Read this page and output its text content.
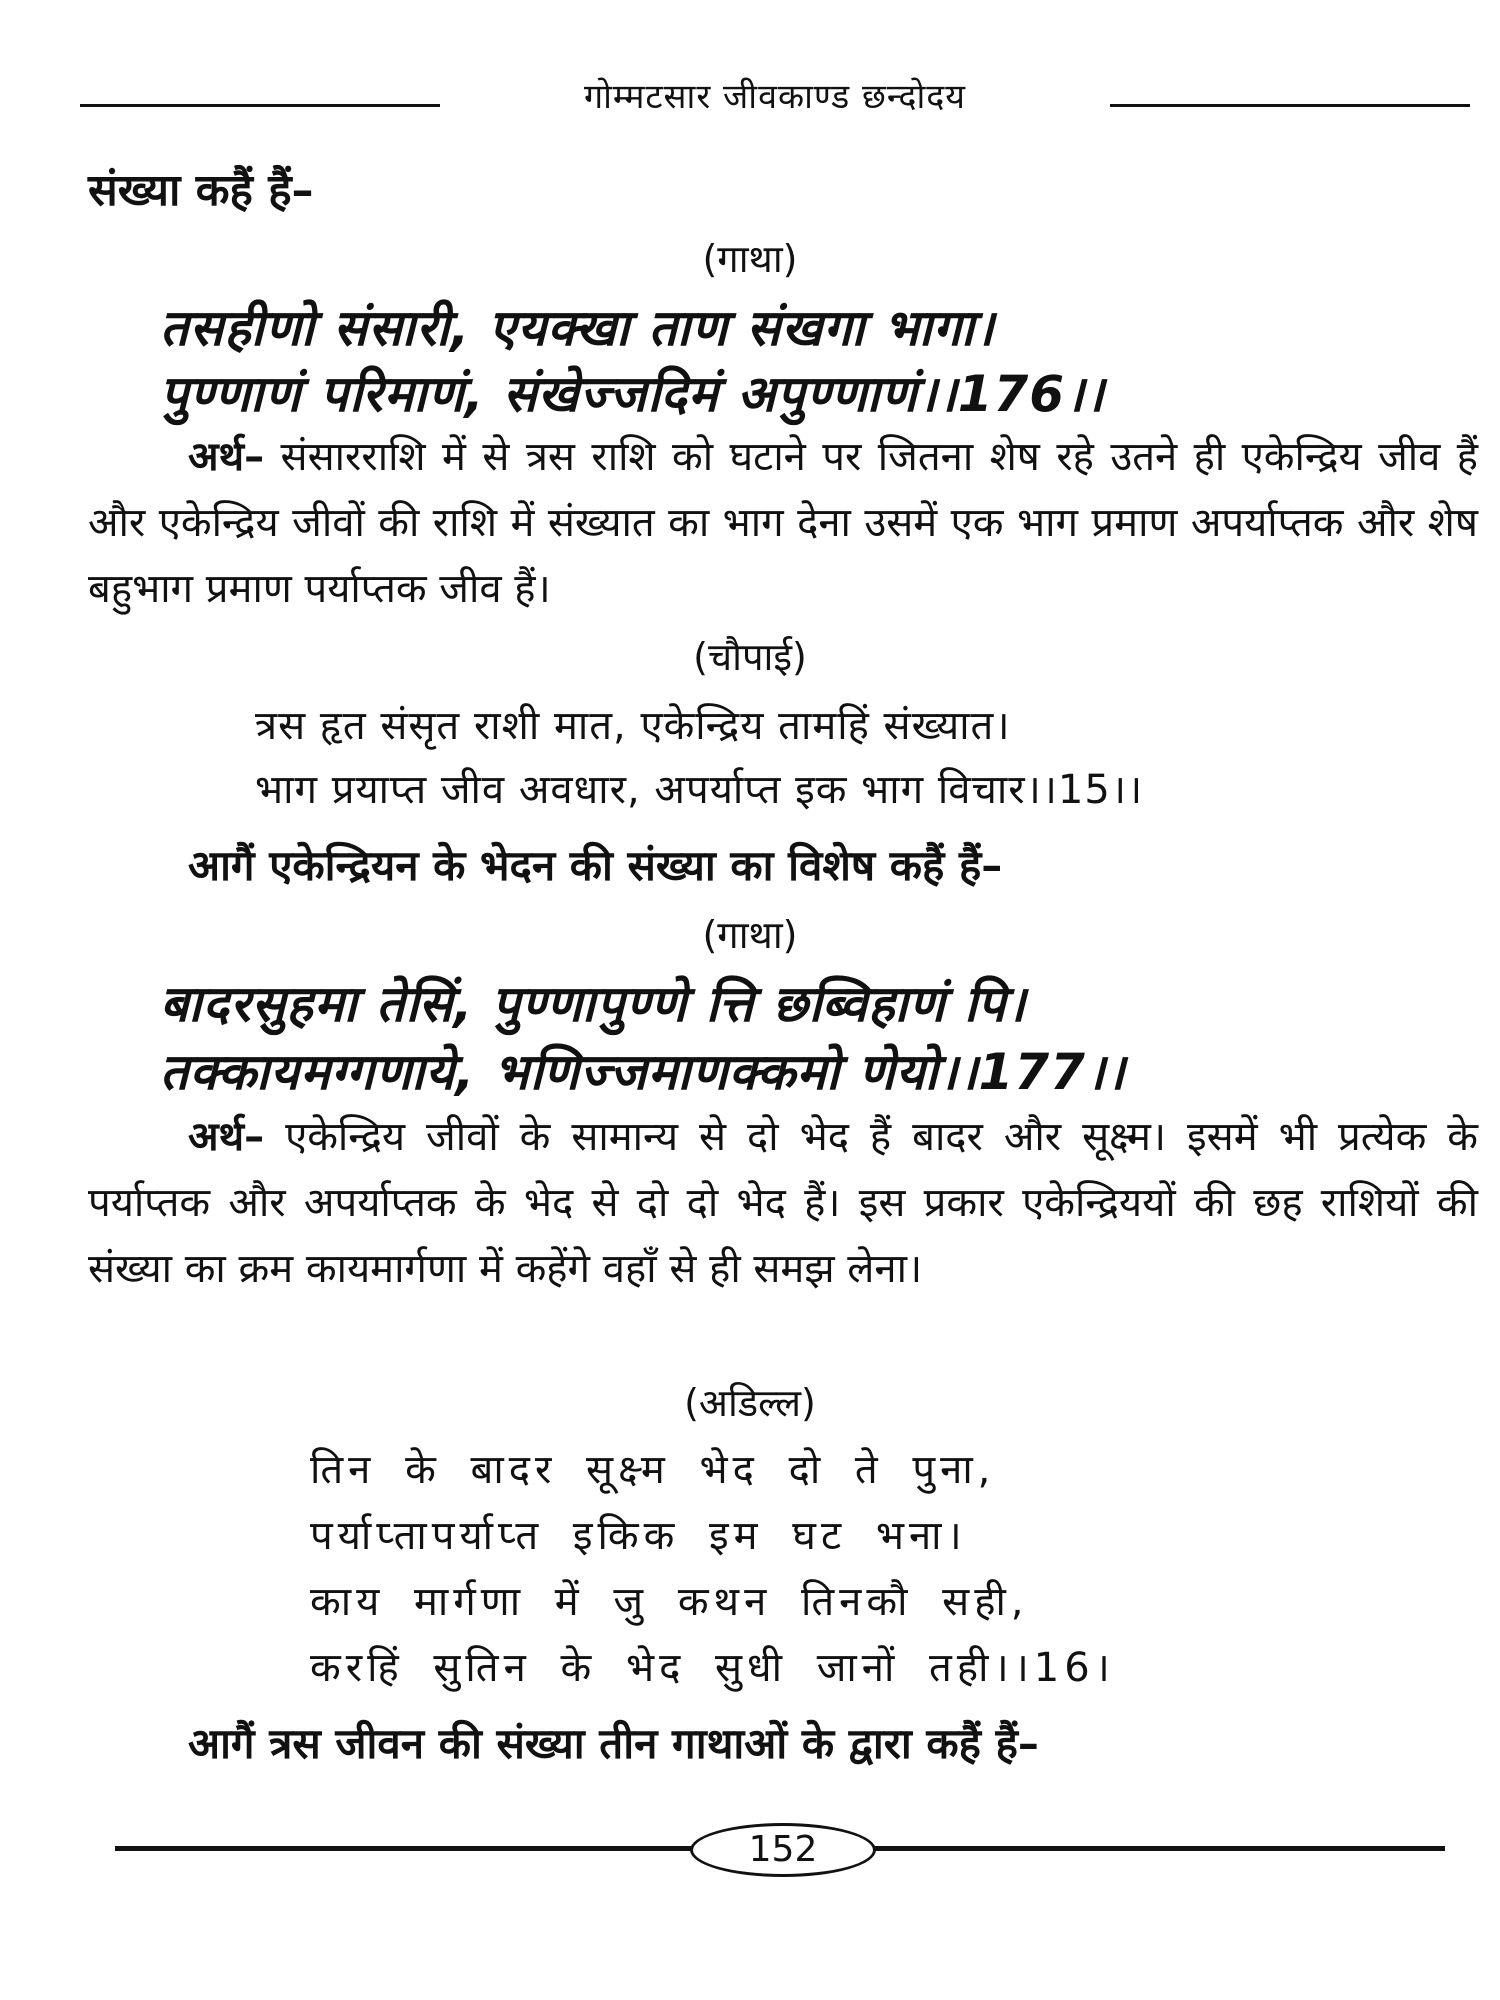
गोम्मटसार जीवकाण्ड छन्दोदय
संख्या कहैं हैं–
(गाथा)
तसहीणो संसारी, एयक्खा ताण संखगा भागा।
पुण्णाणं परिमाणं, संखेज्जदिमं अपुण्णाणं।।176।।
अर्थ– संसारराशि में से त्रस राशि को घटाने पर जितना शेष रहे उतने ही एकेन्द्रिय जीव हैं और एकेन्द्रिय जीवों की राशि में संख्यात का भाग देना उसमें एक भाग प्रमाण अपर्याप्तक और शेष बहुभाग प्रमाण पर्याप्तक जीव हैं।
(चौपाई)
त्रस हृत संसृत राशी मात, एकेन्द्रिय तामहिं संख्यात।
भाग प्रयाप्त जीव अवधार, अपर्याप्त इक भाग विचार।।15।।
आगैं एकेन्द्रियन के भेदन की संख्या का विशेष कहैं हैं–
(गाथा)
बादरसुहमा तेसिं, पुण्णापुण्णे त्ति छब्विहाणं पि।
तक्कायमग्गणाये, भणिज्जमाणक्कमो णेयो।।177।।
अर्थ– एकेन्द्रिय जीवों के सामान्य से दो भेद हैं बादर और सूक्ष्म। इसमें भी प्रत्येक के पर्याप्तक और अपर्याप्तक के भेद से दो दो भेद हैं। इस प्रकार एकेन्द्रिययों की छह राशियों की संख्या का क्रम कायमार्गणा में कहेंगे वहाँ से ही समझ लेना।
(अडिल्ल)
तिन के बादर सूक्ष्म भेद दो ते पुना,
पर्याप्तापर्याप्त इकिक इम घट भना।
काय मार्गणा में जु कथन तिनकौ सही,
करहिं सुतिन के भेद सुधी जानों तही।।16।
आगैं त्रस जीवन की संख्या तीन गाथाओं के द्वारा कहैं हैं–
152
